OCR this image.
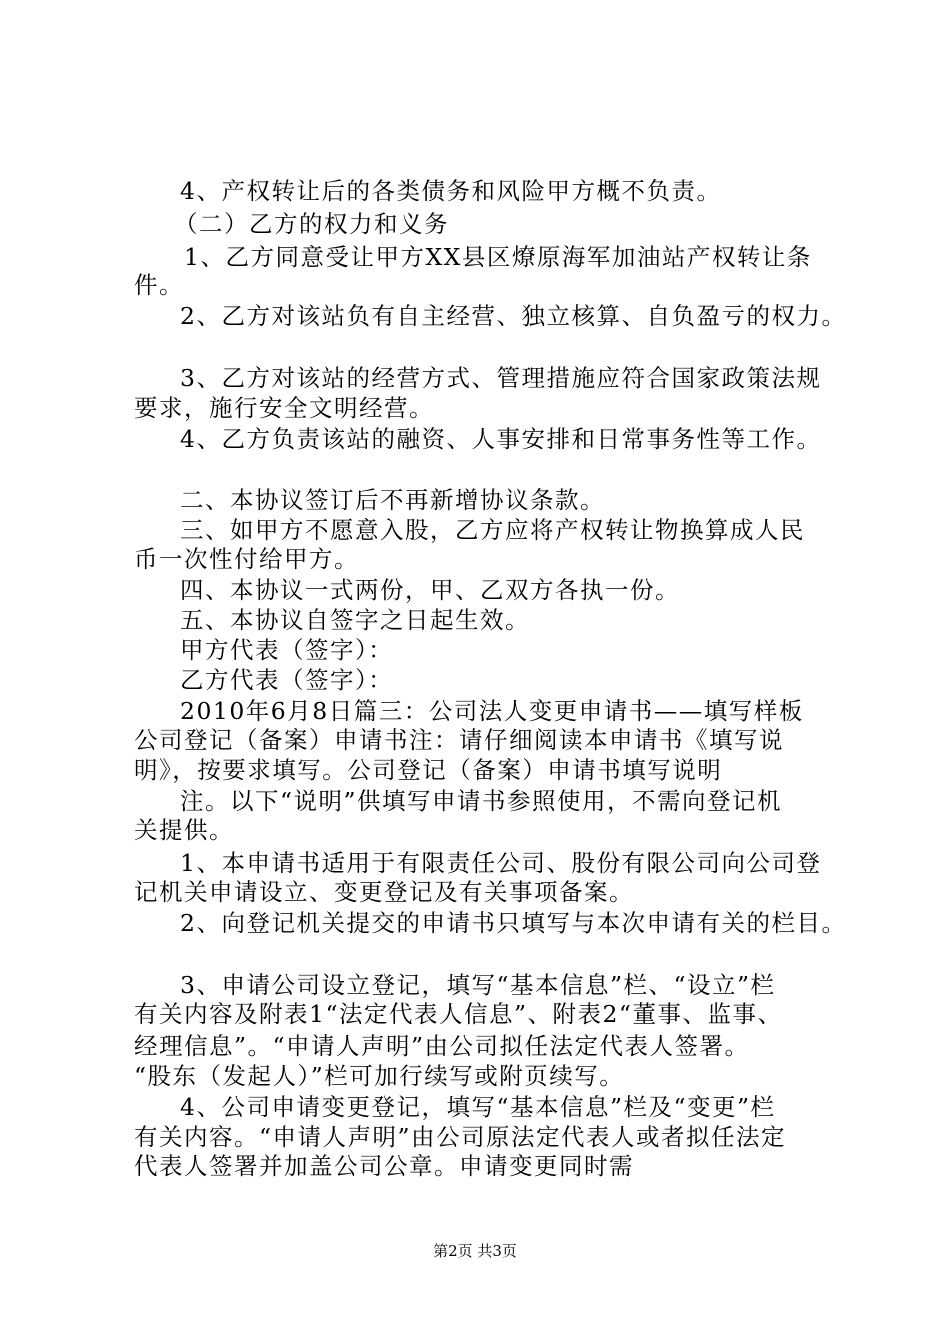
4、产权转让后的各类债务和风险甲方概不负责。
（二）乙方的权力和义务
1、乙方同意受让甲方XX县区燎原海军加油站产权转让条
件。
2、乙方对该站负有自主经营、独立核算、自负盈亏的权力。
3、乙方对该站的经营方式、管理措施应符合国家政策法规
要求，施行安全文明经营。
4、乙方负责该站的融资、人事安排和日常事务性等工作。
二、本协议签订后不再新增协议条款。
三、如甲方不愿意入股，乙方应将产权转让物换算成人民
币一次性付给甲方。
四、本协议一式两份，甲、乙双方各执一份。
五、本协议自签字之日起生效。
甲方代表（签字）：
乙方代表（签字）：
2010年6月8日篇三：公司法人变更申请书——填写样板
公司登记（备案）申请书注：请仔细阅读本申请书《填写说
明》，按要求填写。公司登记（备案）申请书填写说明
注。以下“说明”供填写申请书参照使用，不需向登记机
关提供。
1、本申请书适用于有限责任公司、股份有限公司向公司登
记机关申请设立、变更登记及有关事项备案。
2、向登记机关提交的申请书只填写与本次申请有关的栏目。
3、申请公司设立登记，填写“基本信息”栏、“设立”栏
有关内容及附表1“法定代表人信息”、附表2“董事、监事、
经理信息”。“申请人声明”由公司拟任法定代表人签署。
“股东（发起人）”栏可加行续写或附页续写。
4、公司申请变更登记，填写“基本信息”栏及“变更”栏
有关内容。“申请人声明”由公司原法定代表人或者拟任法定
代表人签署并加盖公司公章。申请变更同时需
第2页 共3页
